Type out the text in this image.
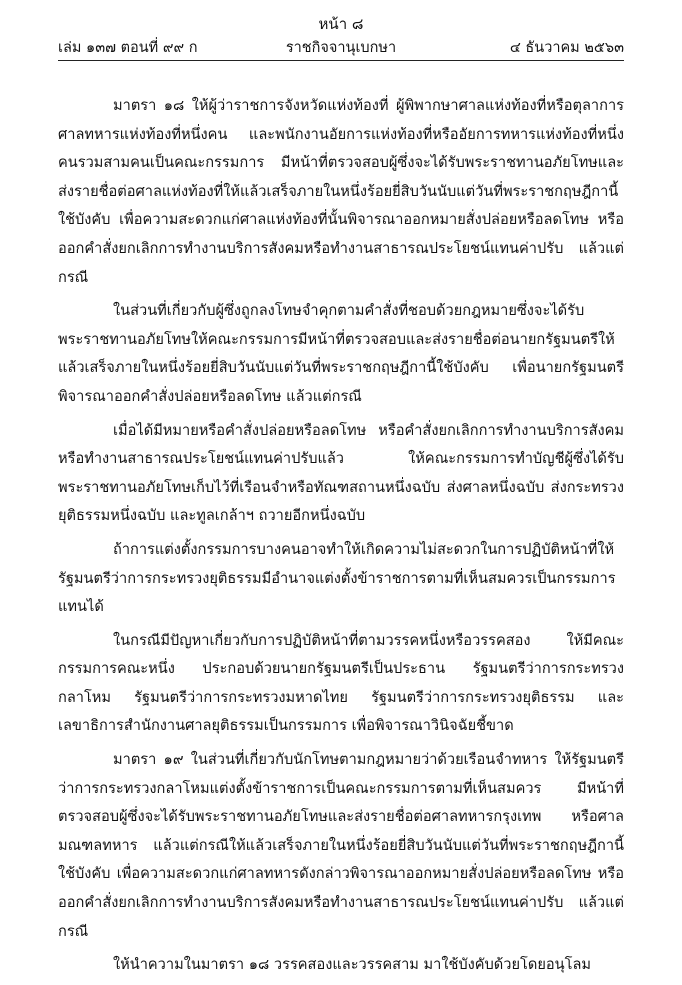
หน้า ๘
เล่ม ๑๓๗ ตอนที่ ๙๙ ก	ราชกิจจานุเบกษา	๔ ธันวาคม ๒๕๖๓

มาตรา ๑๘ ให้ผู้ว่าราชการจังหวัดแห่งท้องที่ ผู้พิพากษาศาลแห่งท้องที่หรือตุลาการศาลทหารแห่งท้องที่หนึ่งคน และพนักงานอัยการแห่งท้องที่หรืออัยการทหารแห่งท้องที่หนึ่งคนรวมสามคนเป็นคณะกรรมการ มีหน้าที่ตรวจสอบผู้ซึ่งจะได้รับพระราชทานอภัยโทษและส่งรายชื่อต่อศาลแห่งท้องที่ให้แล้วเสร็จภายในหนึ่งร้อยยี่สิบวันนับแต่วันที่พระราชกฤษฎีกานี้ใช้บังคับ เพื่อความสะดวกแก่ศาลแห่งท้องที่นั้นพิจารณาออกหมายสั่งปล่อยหรือลดโทษ หรือออกคำสั่งยกเลิกการทำงานบริการสังคมหรือทำงานสาธารณประโยชน์แทนค่าปรับ แล้วแต่กรณี

ในส่วนที่เกี่ยวกับผู้ซึ่งถูกลงโทษจำคุกตามคำสั่งที่ชอบด้วยกฎหมายซึ่งจะได้รับพระราชทานอภัยโทษให้คณะกรรมการมีหน้าที่ตรวจสอบและส่งรายชื่อต่อนายกรัฐมนตรีให้แล้วเสร็จภายในหนึ่งร้อยยี่สิบวันนับแต่วันที่พระราชกฤษฎีกานี้ใช้บังคับ เพื่อนายกรัฐมนตรีพิจารณาออกคำสั่งปล่อยหรือลดโทษ แล้วแต่กรณี

เมื่อได้มีหมายหรือคำสั่งปล่อยหรือลดโทษ หรือคำสั่งยกเลิกการทำงานบริการสังคมหรือทำงานสาธารณประโยชน์แทนค่าปรับแล้ว ให้คณะกรรมการทำบัญชีผู้ซึ่งได้รับพระราชทานอภัยโทษเก็บไว้ที่เรือนจำหรือทัณฑสถานหนึ่งฉบับ ส่งศาลหนึ่งฉบับ ส่งกระทรวงยุติธรรมหนึ่งฉบับ และทูลเกล้าฯ ถวายอีกหนึ่งฉบับ

ถ้าการแต่งตั้งกรรมการบางคนอาจทำให้เกิดความไม่สะดวกในการปฏิบัติหน้าที่ให้รัฐมนตรีว่าการกระทรวงยุติธรรมมีอำนาจแต่งตั้งข้าราชการตามที่เห็นสมควรเป็นกรรมการแทนได้

ในกรณีมีปัญหาเกี่ยวกับการปฏิบัติหน้าที่ตามวรรคหนึ่งหรือวรรคสอง ให้มีคณะกรรมการคณะหนึ่ง ประกอบด้วยนายกรัฐมนตรีเป็นประธาน รัฐมนตรีว่าการกระทรวงกลาโหม รัฐมนตรีว่าการกระทรวงมหาดไทย รัฐมนตรีว่าการกระทรวงยุติธรรม และเลขาธิการสำนักงานศาลยุติธรรมเป็นกรรมการ เพื่อพิจารณาวินิจฉัยชี้ขาด

มาตรา ๑๙ ในส่วนที่เกี่ยวกับนักโทษตามกฎหมายว่าด้วยเรือนจำทหาร ให้รัฐมนตรีว่าการกระทรวงกลาโหมแต่งตั้งข้าราชการเป็นคณะกรรมการตามที่เห็นสมควร มีหน้าที่ตรวจสอบผู้ซึ่งจะได้รับพระราชทานอภัยโทษและส่งรายชื่อต่อศาลทหารกรุงเทพ หรือศาลมณฑลทหาร แล้วแต่กรณีให้แล้วเสร็จภายในหนึ่งร้อยยี่สิบวันนับแต่วันที่พระราชกฤษฎีกานี้ใช้บังคับ เพื่อความสะดวกแก่ศาลทหารดังกล่าวพิจารณาออกหมายสั่งปล่อยหรือลดโทษ หรือออกคำสั่งยกเลิกการทำงานบริการสังคมหรือทำงานสาธารณประโยชน์แทนค่าปรับ แล้วแต่กรณี

ให้นำความในมาตรา ๑๘ วรรคสองและวรรคสาม มาใช้บังคับด้วยโดยอนุโลม
